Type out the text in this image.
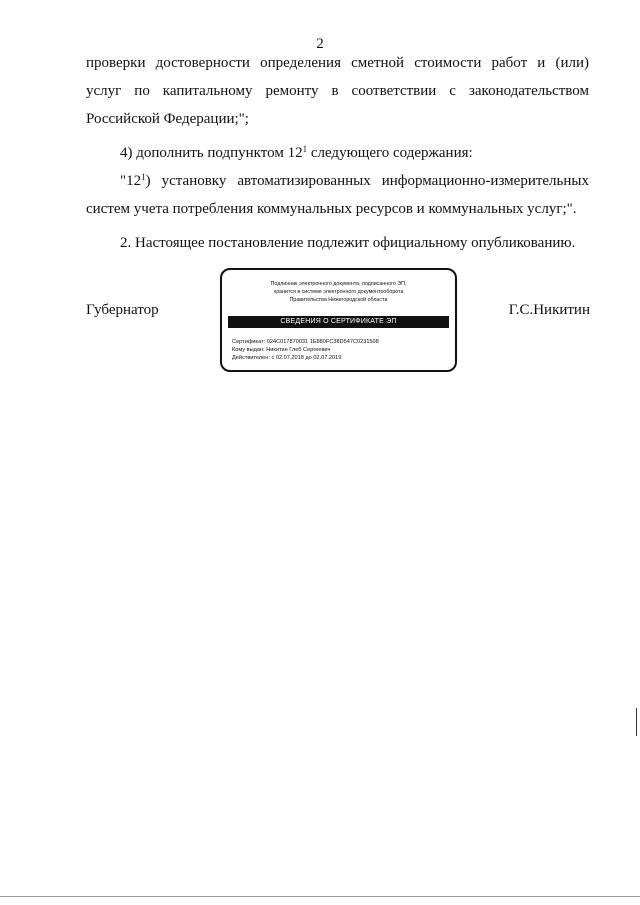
2

проверки достоверности определения сметной стоимости работ и (или)

услуг по капитальному ремонту в соответствии с законодательством

Российской Федерации;";

4) дополнить подпунктом $12^1$ следующего содержания:

"$12^1$) установку автоматизированных информационно-измерительных

систем учета потребления коммунальных ресурсов и коммунальных услуг;".

2. Настоящее постановление подлежит официальному опубликованию.

Губернатор	Г.С.Никитин
Подлинник электронного документа, подписанного ЭП,
хранится в системе электронного документооборота
Правительства Нижегородской области
СВЕДЕНИЯ О СЕРТИФИКАТЕ ЭП
Сертификат: 024C017870031 1E880FC38D547C0231508
Кому выдан: Никитин Глеб Сергеевич
Действителен: с 02.07.2018 до 02.07.2019
